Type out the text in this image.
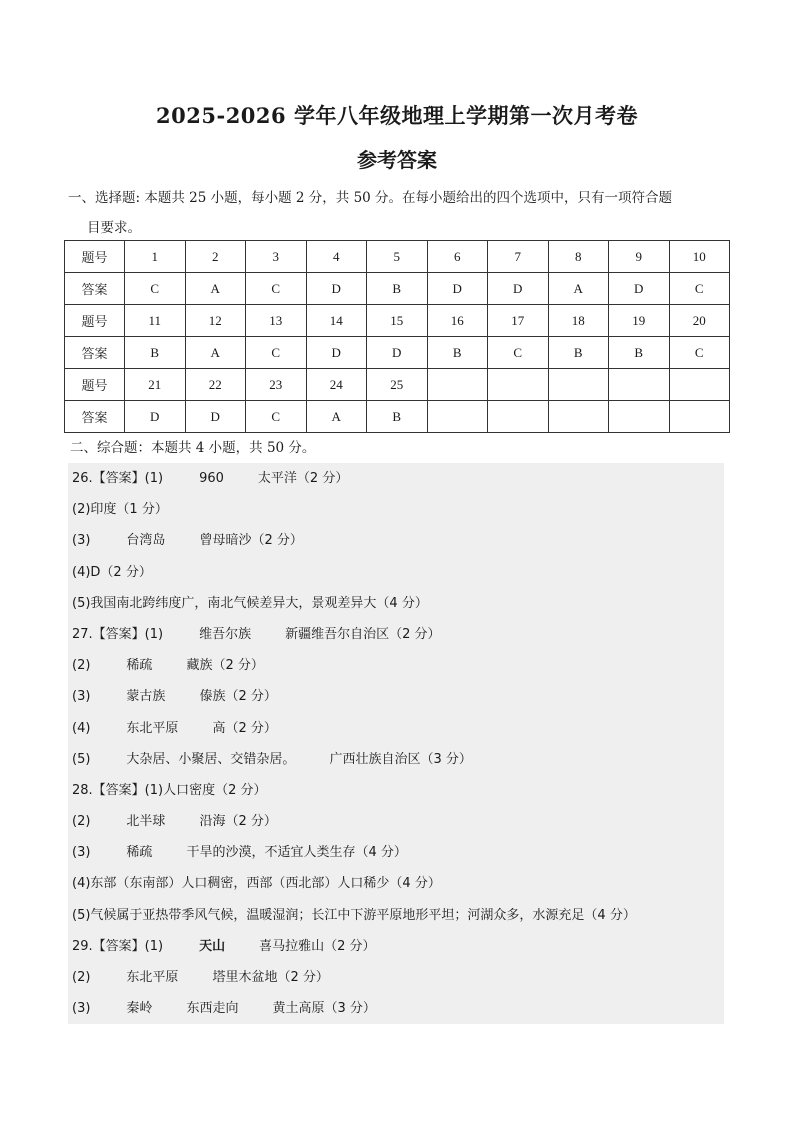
2025-2026 学年八年级地理上学期第一次月考卷
参考答案
一、选择题: 本题共 25 小题，每小题 2 分，共 50 分。在每小题给出的四个选项中，只有一项符合题
目要求。
题号	1	2	3	4	5	6	7	8	9	10
答案	C	A	C	D	B	D	D	A	D	C
题号	11	12	13	14	15	16	17	18	19	20
答案	B	A	C	D	D	B	C	B	B	C
题号	21	22	23	24	25					
答案	D	D	C	A	B					
二、综合题：本题共 4 小题，共 50 分。
26.【答案】(1)	960	太平洋（2 分）
(2)印度（1 分）
(3)	台湾岛	曾母暗沙（2 分）
(4)D（2 分）
(5)我国南北跨纬度广，南北气候差异大，景观差异大（4 分）
27.【答案】(1)	维吾尔族	新疆维吾尔自治区（2 分）
(2)	稀疏	藏族（2 分）
(3)	蒙古族	傣族（2 分）
(4)	东北平原	高（2 分）
(5)	大杂居、小聚居、交错杂居。	广西壮族自治区（3 分）
28.【答案】(1)人口密度（2 分）
(2)	北半球	沿海（2 分）
(3)	稀疏	干旱的沙漠，不适宜人类生存（4 分）
(4)东部（东南部）人口稠密，西部（西北部）人口稀少（4 分）
(5)气候属于亚热带季风气候，温暖湿润；长江中下游平原地形平坦；河湖众多，水源充足（4 分）
29.【答案】(1)	天山	喜马拉雅山（2 分）
(2)	东北平原	塔里木盆地（2 分）
(3)	秦岭	东西走向	黄土高原（3 分）
